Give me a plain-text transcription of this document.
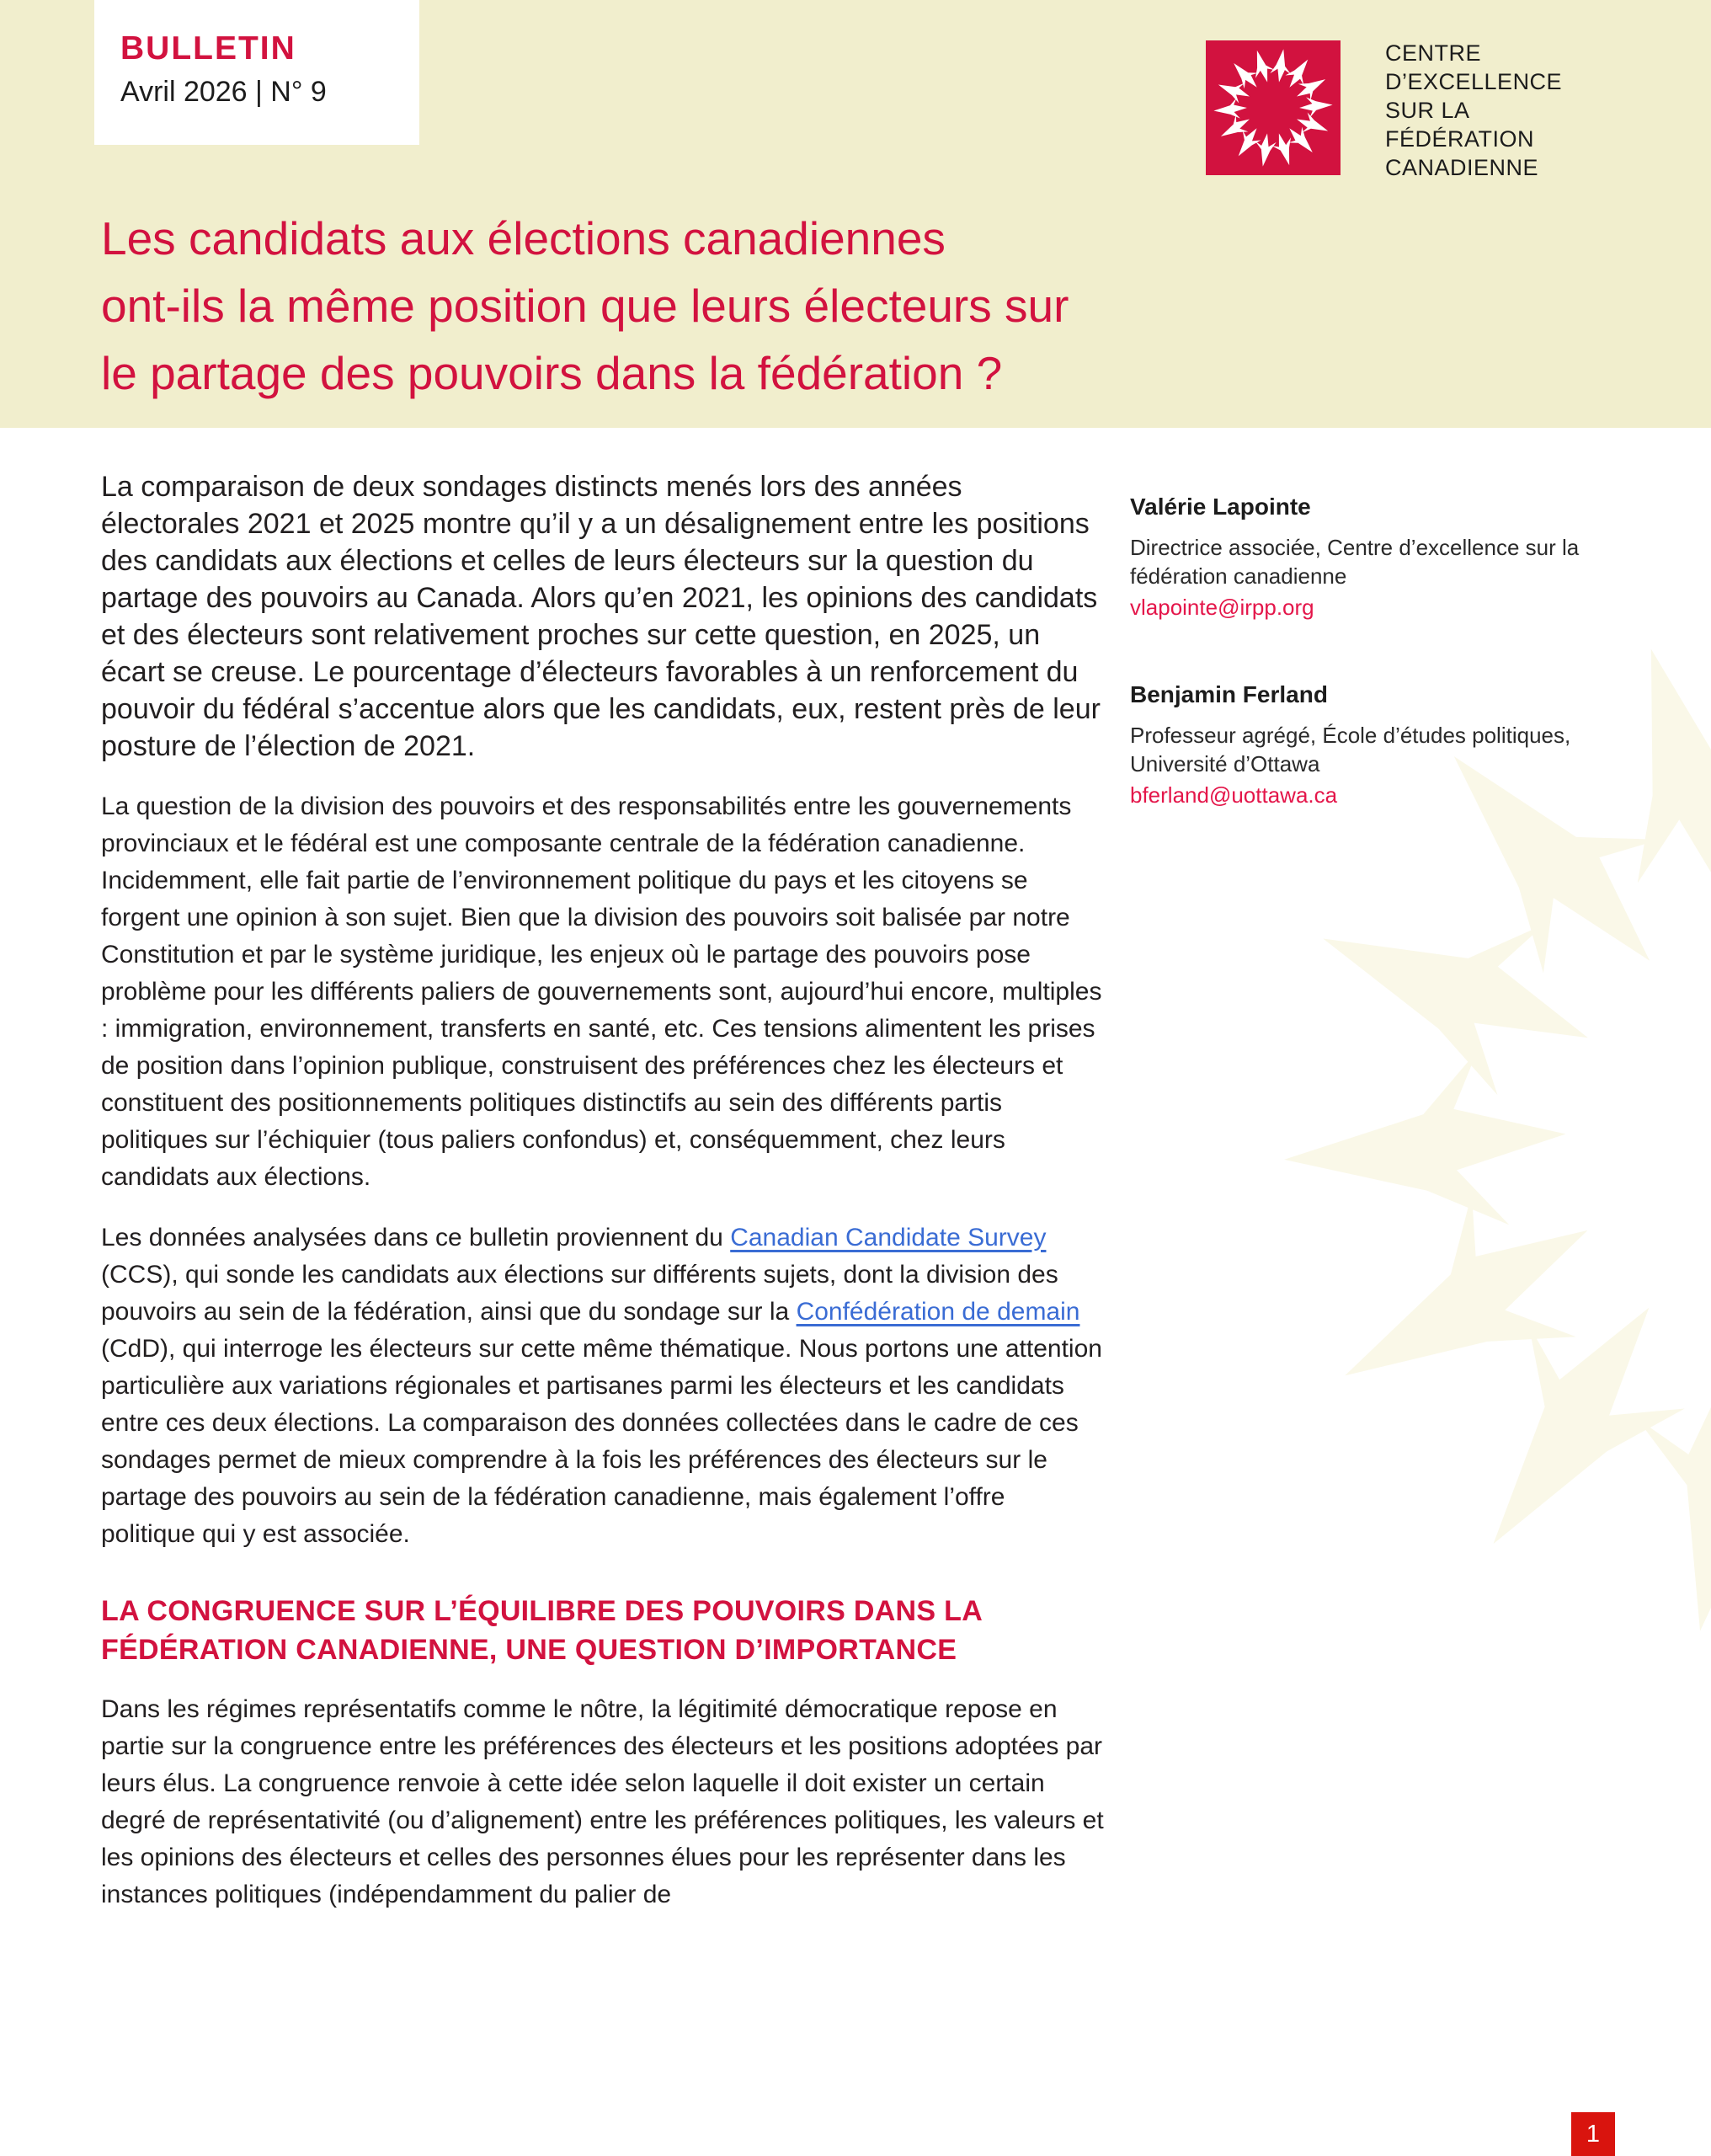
BULLETIN
Avril 2026 | N° 9
CENTRE
D’EXCELLENCE
SUR LA
FÉDÉRATION
CANADIENNE
Les candidats aux élections canadiennes
ont-ils la même position que leurs électeurs sur
le partage des pouvoirs dans la fédération ?

La comparaison de deux sondages distincts menés lors des années électorales 2021 et 2025 montre qu’il y a un désalignement entre les positions des candidats aux élections et celles de leurs électeurs sur la question du partage des pouvoirs au Canada. Alors qu’en 2021, les opinions des candidats et des électeurs sont relativement proches sur cette question, en 2025, un écart se creuse. Le pourcentage d’électeurs favorables à un renforcement du pouvoir du fédéral s’accentue alors que les candidats, eux, restent près de leur posture de l’élection de 2021.

La question de la division des pouvoirs et des responsabilités entre les gouvernements provinciaux et le fédéral est une composante centrale de la fédération canadienne. Incidemment, elle fait partie de l’environnement politique du pays et les citoyens se forgent une opinion à son sujet. Bien que la division des pouvoirs soit balisée par notre Constitution et par le système juridique, les enjeux où le partage des pouvoirs pose problème pour les différents paliers de gouvernements sont, aujourd’hui encore, multiples : immigration, environnement, transferts en santé, etc. Ces tensions alimentent les prises de position dans l’opinion publique, construisent des préférences chez les électeurs et constituent des positionnements politiques distinctifs au sein des différents partis politiques sur l’échiquier (tous paliers confondus) et, conséquemment, chez leurs candidats aux élections.

Les données analysées dans ce bulletin proviennent du Canadian Candidate Survey (CCS), qui sonde les candidats aux élections sur différents sujets, dont la division des pouvoirs au sein de la fédération, ainsi que du sondage sur la Confédération de demain (CdD), qui interroge les électeurs sur cette même thématique. Nous portons une attention particulière aux variations régionales et partisanes parmi les électeurs et les candidats entre ces deux élections. La comparaison des données collectées dans le cadre de ces sondages permet de mieux comprendre à la fois les préférences des électeurs sur le partage des pouvoirs au sein de la fédération canadienne, mais également l’offre politique qui y est associée.

LA CONGRUENCE SUR L’ÉQUILIBRE DES POUVOIRS DANS LA
FÉDÉRATION CANADIENNE, UNE QUESTION D’IMPORTANCE

Dans les régimes représentatifs comme le nôtre, la légitimité démocratique repose en partie sur la congruence entre les préférences des électeurs et les positions adoptées par leurs élus. La congruence renvoie à cette idée selon laquelle il doit exister un certain degré de représentativité (ou d’alignement) entre les préférences politiques, les valeurs et les opinions des électeurs et celles des personnes élues pour les représenter dans les instances politiques (indépendamment du palier de

Valérie Lapointe
Directrice associée, Centre d’excellence sur la fédération canadienne
vlapointe@irpp.org
Benjamin Ferland
Professeur agrégé, École d’études politiques, Université d’Ottawa
bferland@uottawa.ca
1
